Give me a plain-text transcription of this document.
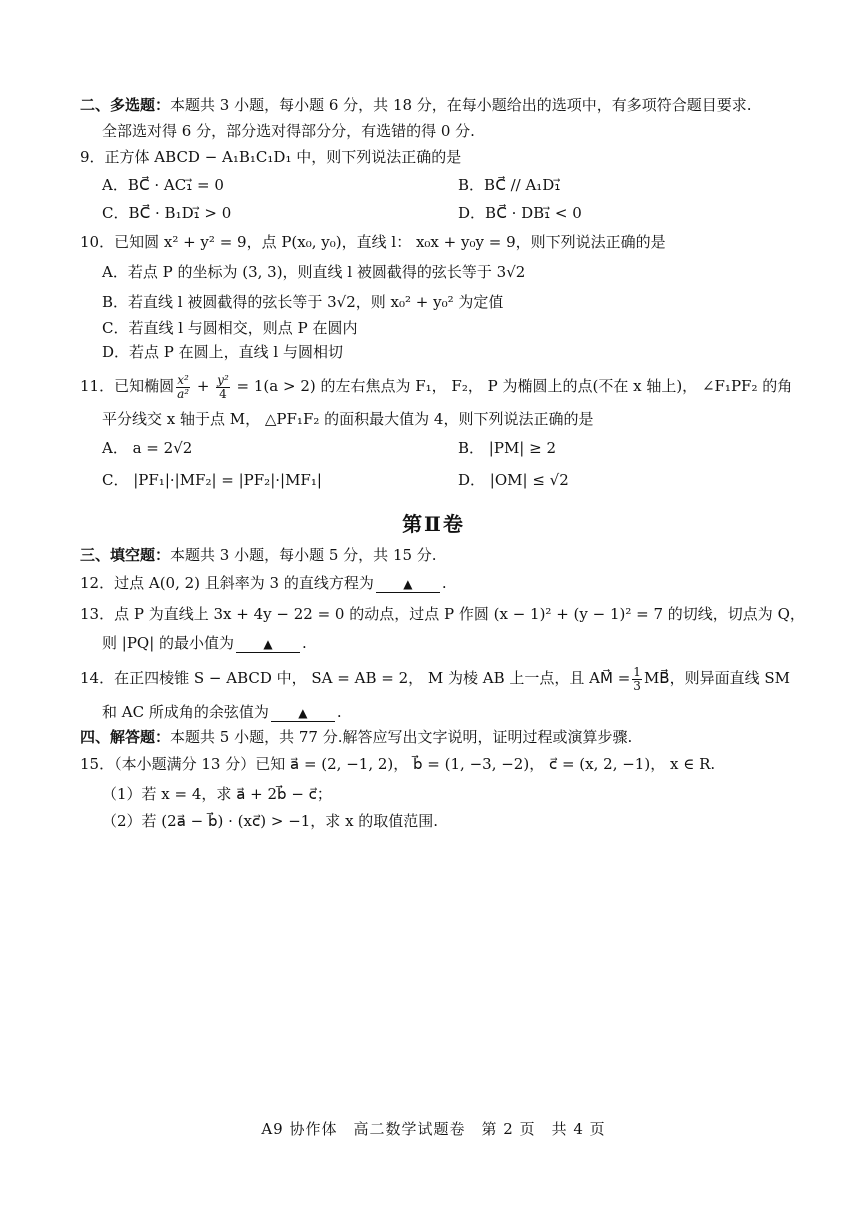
二、多选题：本题共 3 小题，每小题 6 分，共 18 分，在每小题给出的选项中，有多项符合题目要求.
全部选对得 6 分，部分选对得部分分，有选错的得 0 分.
9．正方体 ABCD − A₁B₁C₁D₁ 中，则下列说法正确的是
A．BC⃗ · AC₁⃗ = 0	B．BC⃗ // A₁D₁⃗
C．BC⃗ · B₁D₁⃗ > 0	D．BC⃗ · DB₁⃗ < 0
10．已知圆 x² + y² = 9，点 P(x₀, y₀)，直线 l： x₀x + y₀y = 9，则下列说法正确的是
A．若点 P 的坐标为 (3, 3)，则直线 l 被圆截得的弦长等于 3√2
B．若直线 l 被圆截得的弦长等于 3√2，则 x₀² + y₀² 为定值
C．若直线 l 与圆相交，则点 P 在圆内
D．若点 P 在圆上，直线 l 与圆相切
11．已知椭圆 $\frac{\text{x²}}{\text{a²}} + \frac{\text{y²}}{4} = 1(a > 2)$ 的左右焦点为 F₁， F₂， P 为椭圆上的点(不在 x 轴上)， ∠F₁PF₂ 的角
平分线交 x 轴于点 M， △PF₁F₂ 的面积最大值为 4，则下列说法正确的是
A． a = 2√2	B． |PM| ≥ 2
C． |PF₁|·|MF₂| = |PF₂|·|MF₁|	D． |OM| ≤ √2
第Ⅱ卷
三、填空题：本题共 3 小题，每小题 5 分，共 15 分.
12．过点 A(0, 2) 且斜率为 3 的直线方程为 ▲ .
13．点 P 为直线上 3x + 4y − 22 = 0 的动点，过点 P 作圆 (x − 1)² + (y − 1)² = 7 的切线，切点为 Q，
则 |PQ| 的最小值为 ▲ .
14．在正四棱锥 S − ABCD 中， SA = AB = 2， M 为棱 AB 上一点，且 AM⃗ = $\frac{1}{3}$ MB⃗，则异面直线 SM
和 AC 所成角的余弦值为 ▲ .
四、解答题：本题共 5 小题，共 77 分.解答应写出文字说明，证明过程或演算步骤.
15．（本小题满分 13 分）已知 a⃗ = (2, −1, 2)， b⃗ = (1, −3, −2)， c⃗ = (x, 2, −1)， x ∈ R.
（1）若 x = 4，求 a⃗ + 2b⃗ − c⃗；
（2）若 (2a⃗ − b⃗) · (xc⃗) > −1，求 x 的取值范围.
A9 协作体　高二数学试题卷　第 2 页　共 4 页
